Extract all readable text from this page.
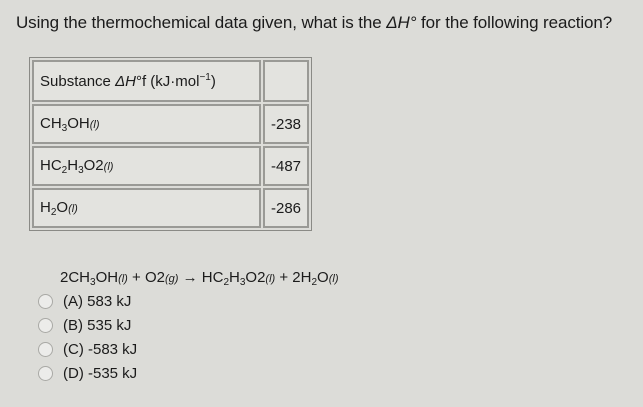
Using the thermochemical data given, what is the ΔH° for the following reaction?
Substance ΔH°f (kJ·mol$^{-1}$)	
$CH_3OH(l)$	-238
$HC_2H_3O2(l)$	-487
$H_2O(l)$	-286
$2CH_3OH(l) + O2(g) \to HC_2H_3O2(l) + 2H_2O(l)$
(A) 583 kJ
(B) 535 kJ
(C) -583 kJ
(D) -535 kJ
